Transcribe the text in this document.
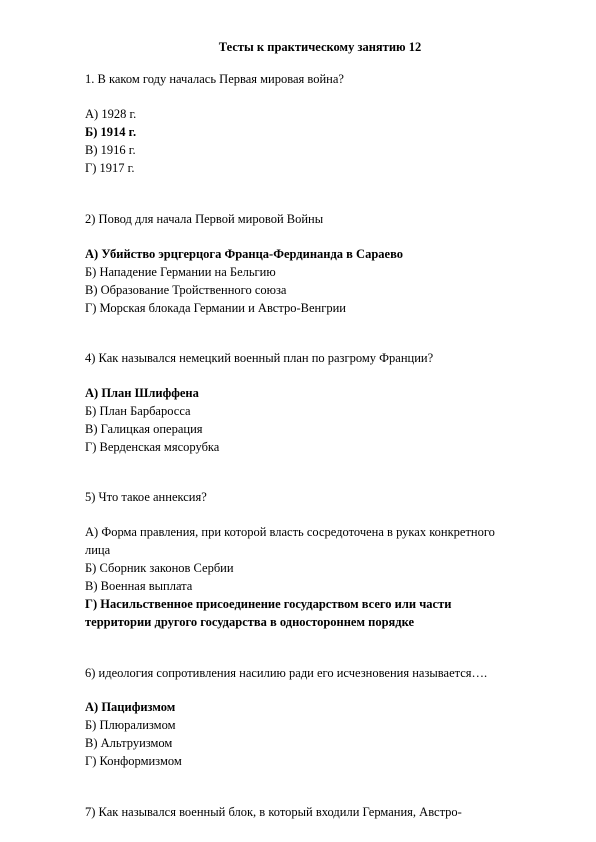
Тесты к практическому занятию 12
1. В каком году началась Первая мировая война?
А) 1928 г.
Б) 1914 г.
В) 1916 г.
Г) 1917 г.
2) Повод для начала Первой мировой Войны
А) Убийство эрцгерцога Франца-Фердинанда в Сараево
Б) Нападение Германии на Бельгию
В) Образование Тройственного союза
Г) Морская блокада Германии и Австро-Венгрии
4) Как назывался немецкий военный план по разгрому Франции?
А) План Шлиффена
Б) План Барбаросса
В) Галицкая операция
Г) Верденская мясорубка
5) Что такое аннексия?
А) Форма правления, при которой власть сосредоточена в руках конкретного
лица
Б) Сборник законов Сербии
В) Военная выплата
Г) Насильственное присоединение государством всего или части
территории другого государства в одностороннем порядке
6) идеология сопротивления насилию ради его исчезновения называется….
А) Пацифизмом
Б) Плюрализмом
В) Альтруизмом
Г) Конформизмом
7) Как назывался военный блок, в который входили Германия, Австро-
